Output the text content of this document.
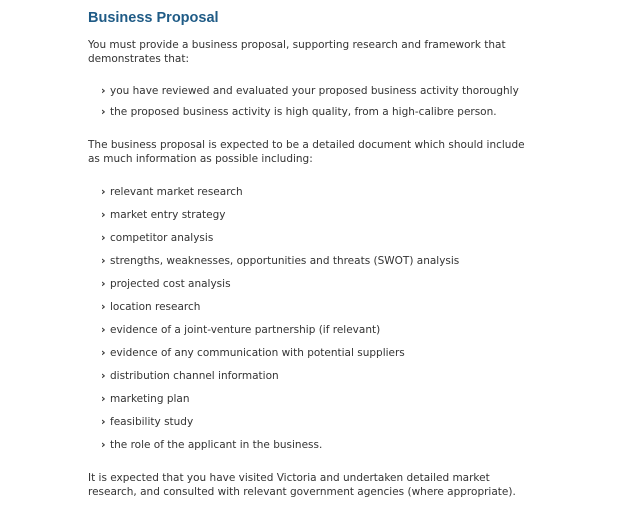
Business Proposal

You must provide a business proposal, supporting research and framework that demonstrates that:

› you have reviewed and evaluated your proposed business activity thoroughly
› the proposed business activity is high quality, from a high-calibre person.

The business proposal is expected to be a detailed document which should include as much information as possible including:

› relevant market research
› market entry strategy
› competitor analysis
› strengths, weaknesses, opportunities and threats (SWOT) analysis
› projected cost analysis
› location research
› evidence of a joint-venture partnership (if relevant)
› evidence of any communication with potential suppliers
› distribution channel information
› marketing plan
› feasibility study
› the role of the applicant in the business.

It is expected that you have visited Victoria and undertaken detailed market research, and consulted with relevant government agencies (where appropriate).
